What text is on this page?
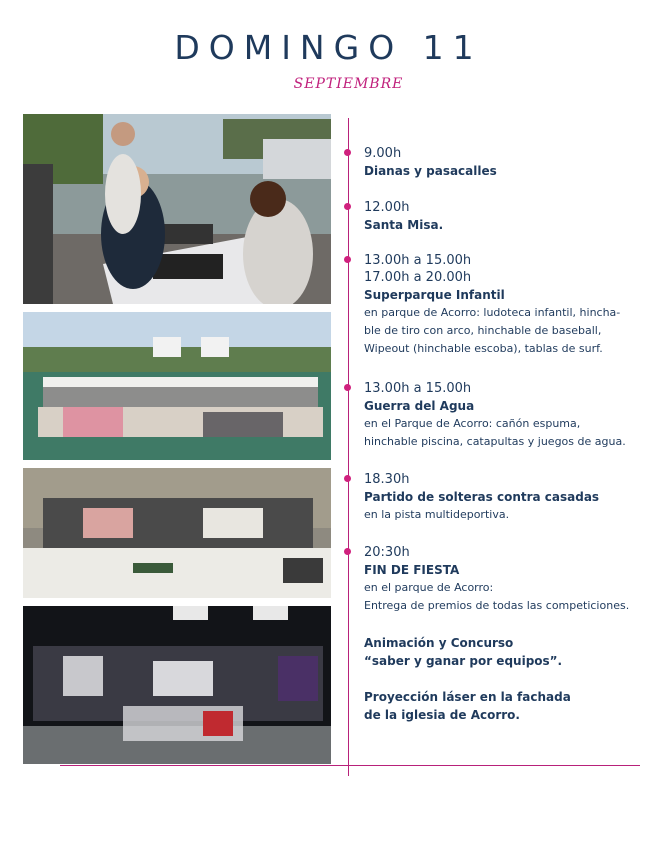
DOMINGO 11
SEPTIEMBRE
9.00h
Dianas y pasacalles
12.00h
Santa Misa.
13.00h a 15.00h
17.00h a 20.00h
Superparque Infantil
en parque de Acorro: ludoteca infantil, hincha-
ble de tiro con arco, hinchable de baseball,
Wipeout (hinchable escoba), tablas de surf.
13.00h a 15.00h
Guerra del Agua
en el Parque de Acorro: cañón espuma,
hinchable piscina, catapultas y juegos de agua.
18.30h
Partido de solteras contra casadas
en la pista multideportiva.
20:30h
FIN DE FIESTA
en el parque de Acorro:
Entrega de premios de todas las competiciones.
Animación y Concurso
“saber y ganar por equipos”.
Proyección láser en la fachada
de la iglesia de Acorro.
